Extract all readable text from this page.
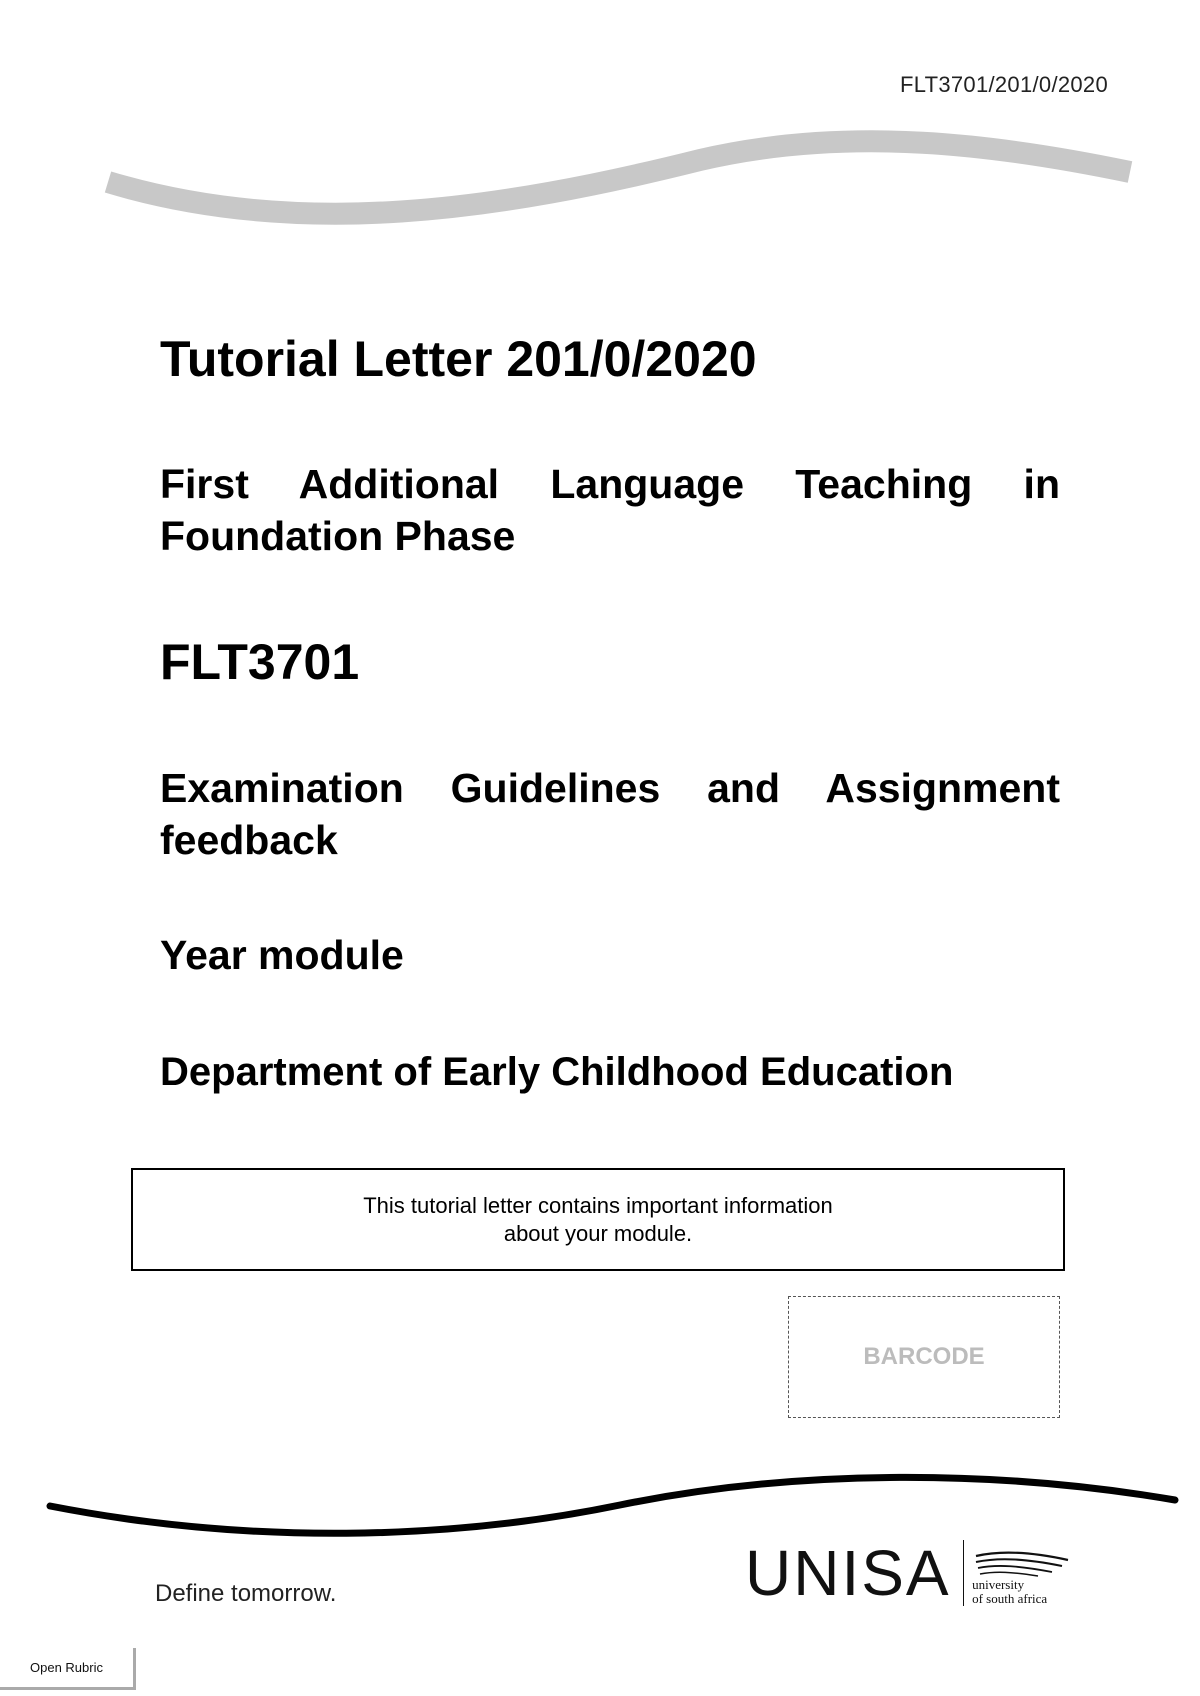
FLT3701/201/0/2020
Tutorial Letter 201/0/2020
First Additional Language Teaching in Foundation Phase
FLT3701
Examination Guidelines and Assignment feedback
Year module
Department of Early Childhood Education
This tutorial letter contains important information
about your module.
BARCODE
Define tomorrow.	UNISA university
of south africa
Open Rubric
